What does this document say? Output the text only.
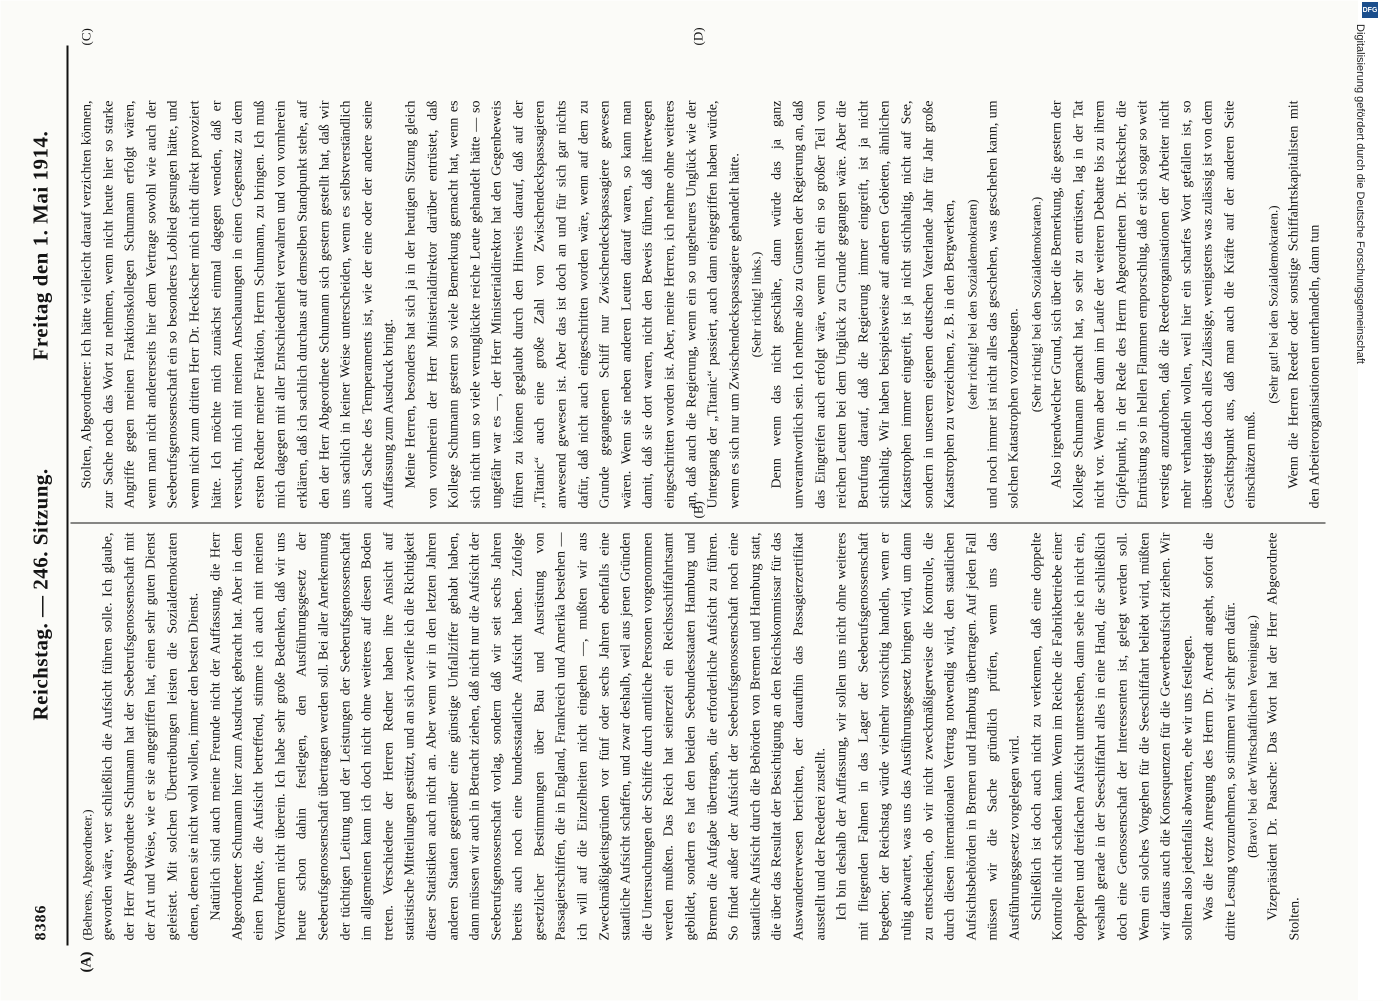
8386
Reichstag. — 246. Sitzung.
Freitag den 1. Mai 1914.
(A)
(B)
(C)	(D)

(Behrens, Abgeordneter.) geworden wäre, wer schließlich die Aufsicht führen solle. Ich glaube, der Herr Abgeordnete Schumann hat der Seeberufsgenossenschaft mit der Art und Weise, wie er sie angegriffen hat, einen sehr guten Dienst geleistet. Mit solchen Übertreibungen leisten die Sozialdemokraten denen, denen sie nicht wohl wollen, immer den besten Dienst. Natürlich sind auch meine Freunde nicht der Auffassung, die Herr Abgeordneter Schumann hier zum Ausdruck gebracht hat. Aber in dem einen Punkte, die Aufsicht betreffend, stimme ich auch mit meinen Vorrednern nicht überein. Ich habe sehr große Bedenken, daß wir uns heute schon dahin festlegen, den Ausführungsgesetz der Seeberufsgenossenschaft übertragen werden soll. Bei aller Anerkennung der tüchtigen Leitung und der Leistungen der Seeberufsgenossenschaft im allgemeinen kann ich doch nicht ohne weiteres auf diesen Boden treten. Verschiedene der Herren Redner haben ihre Ansicht auf statistische Mitteilungen gestützt, und an sich zweifle ich die Richtigkeit dieser Statistiken auch nicht an. Aber wenn wir in den letzten Jahren anderen Staaten gegenüber eine günstige Unfallziffer gehabt haben, dann müssen wir auch in Betracht ziehen, daß nicht nur die Aufsicht der Seeberufsgenossenschaft vorlag, sondern daß wir seit sechs Jahren bereits auch noch eine bundesstaatliche Aufsicht haben. Zufolge gesetzlicher Bestimmungen über Bau und Ausrüstung von Passagierschiffen, die in England, Frankreich und Amerika bestehen — ich will auf die Einzelheiten nicht eingehen —, mußten wir aus Zweckmäßigkeitsgründen vor fünf oder sechs Jahren ebenfalls eine staatliche Aufsicht schaffen, und zwar deshalb, weil aus jenen Gründen die Untersuchungen der Schiffe durch amtliche Personen vorgenommen werden mußten. Das Reich hat seinerzeit ein Reichsschiffahrtsamt gebildet, sondern es hat den beiden Seebundesstaaten Hamburg und Bremen die Aufgabe übertragen, die erforderliche Aufsicht zu führen. So findet außer der Aufsicht der Seeberufsgenossenschaft noch eine staatliche Aufsicht durch die Behörden von Bremen und Hamburg statt, die über das Resultat der Besichtigung an den Reichskommissar für das Auswandererwesen berichten, der daraufhin das Passagierzertifikat ausstellt und der Reederei zustellt. Ich bin deshalb der Auffassung, wir sollen uns nicht ohne weiteres mit fliegenden Fahnen in das Lager der Seeberufsgenossenschaft begeben; der Reichstag würde vielmehr vorsichtig handeln, wenn er ruhig abwartet, was uns das Ausführungsgesetz bringen wird, um dann zu entscheiden, ob wir nicht zweckmäßigerweise die Kontrolle, die durch diesen internationalen Vertrag notwendig wird, den staatlichen Aufsichtsbehörden in Bremen und Hamburg übertragen. Auf jeden Fall müssen wir die Sache gründlich prüfen, wenn uns das Ausführungsgesetz vorgelegen wird. Schließlich ist doch auch nicht zu verkennen, daß eine doppelte Kontrolle nicht schaden kann. Wenn im Reiche die Fabrikbetriebe einer doppelten und dreifachen Aufsicht unterstehen, dann sehe ich nicht ein, weshalb gerade in der Seeschiffahrt alles in eine Hand, die schließlich doch eine Genossenschaft der Interessenten ist, gelegt werden soll. Wenn ein solches Vorgehen für die Seeschiffahrt beliebt wird, müßten wir daraus auch die Konsequenzen für die Gewerbeaufsicht ziehen. Wir sollten also jedenfalls abwarten, ehe wir uns festlegen. Was die letzte Anregung des Herrn Dr. Arendt angeht, sofort die dritte Lesung vorzunehmen, so stimmen wir sehr gern dafür. (Bravo! bei der Wirtschaftlichen Vereinigung.) Vizepräsident Dr. Paasche: Das Wort hat der Herr Abgeordnete Stolten.

Stolten, Abgeordneter: Ich hätte vielleicht darauf verzichten können, zur Sache noch das Wort zu nehmen, wenn nicht heute hier so starke Angriffe gegen meinen Fraktionskollegen Schumann erfolgt wären, wenn man nicht andererseits hier dem Vertrage sowohl wie auch der Seeberufsgenossenschaft ein so besonderes Loblied gesungen hätte, und wenn nicht zum dritten Herr Dr. Heckscher mich nicht direkt provoziert hätte. Ich möchte mich zunächst einmal dagegen wenden, daß er versucht, mich mit meinen Anschauungen in einen Gegensatz zu dem ersten Redner meiner Fraktion, Herrn Schumann, zu bringen. Ich muß mich dagegen mit aller Entschiedenheit verwahren und von vornherein erklären, daß ich sachlich durchaus auf demselben Standpunkt stehe, auf den der Herr Abgeordnete Schumann sich gestern gestellt hat, daß wir uns sachlich in keiner Weise unterscheiden, wenn es selbstverständlich auch Sache des Temperaments ist, wie der eine oder der andere seine Auffassung zum Ausdruck bringt. Meine Herren, besonders hat sich ja in der heutigen Sitzung gleich von vornherein der Herr Ministerialdirektor darüber entrüstet, daß Kollege Schumann gestern so viele Bemerkung gemacht hat, wenn es sich nicht um so viele verunglückte reiche Leute gehandelt hätte — so ungefähr war es —, der Herr Ministerialdirektor hat den Gegenbeweis führen zu können geglaubt durch den Hinweis darauf, daß auf der „Titanic“ auch eine große Zahl von Zwischendeckspassagieren anwesend gewesen ist. Aber das ist doch an und für sich gar nichts dafür, daß nicht auch eingeschritten worden wäre, wenn auf dem zu Grunde gegangenen Schiff nur Zwischendeckspassagiere gewesen wären. Wenn sie neben anderen Leuten darauf waren, so kann man damit, daß sie dort waren, nicht den Beweis führen, daß ihretwegen eingeschritten worden ist. Aber, meine Herren, ich nehme ohne weiteres an, daß auch die Regierung, wenn ein so ungeheures Unglück wie der Untergang der „Titanic“ passiert, auch dann eingegriffen haben würde, wenn es sich nur um Zwischendeckspassagiere gehandelt hätte. (Sehr richtig! links.) Denn wenn das nicht geschähe, dann würde das ja ganz unverantwortlich sein. Ich nehme also zu Gunsten der Regierung an, daß das Eingreifen auch erfolgt wäre, wenn nicht ein so großer Teil von reichen Leuten bei dem Unglück zu Grunde gegangen wäre. Aber die Berufung darauf, daß die Regierung immer eingreift, ist ja nicht stichhaltig. Wir haben beispielsweise auf anderen Gebieten, ähnlichen Katastrophen immer eingreift, ist ja nicht stichhaltig, nicht auf See, sondern in unserem eigenen deutschen Vaterlande Jahr für Jahr große Katastrophen zu verzeichnen, z. B. in den Bergwerken, (sehr richtig! bei den Sozialdemokraten) und noch immer ist nicht alles das geschehen, was geschehen kann, um solchen Katastrophen vorzubeugen. (Sehr richtig! bei den Sozialdemokraten.) Also irgendwelcher Grund, sich über die Bemerkung, die gestern der Kollege Schumann gemacht hat, so sehr zu entrüsten, lag in der Tat nicht vor. Wenn aber dann im Laufe der weiteren Debatte bis zu ihrem Gipfelpunkt, in der Rede des Herrn Abgeordneten Dr. Heckscher, die Entrüstung so in hellen Flammen emporschlug, daß er sich sogar so weit verstieg anzudrohen, daß die Reederorganisationen der Arbeiter nicht mehr verhandeln wollen, weil hier ein scharfes Wort gefallen ist, so übersteigt das doch alles Zulässige, wenigstens was zulässig ist von dem Gesichtspunkt aus, daß man auch die Kräfte auf der anderen Seite einschätzen muß.

(Sehr gut! bei den Sozialdemokraten.) Wenn die Herren Reeder oder sonstige Schiffahrtskapitalisten mit den Arbeiterorganisationen unterhandeln, dann tun

DFG
Digitalisierung gefördert durch die Deutsche Forschungsgemeinschaft
